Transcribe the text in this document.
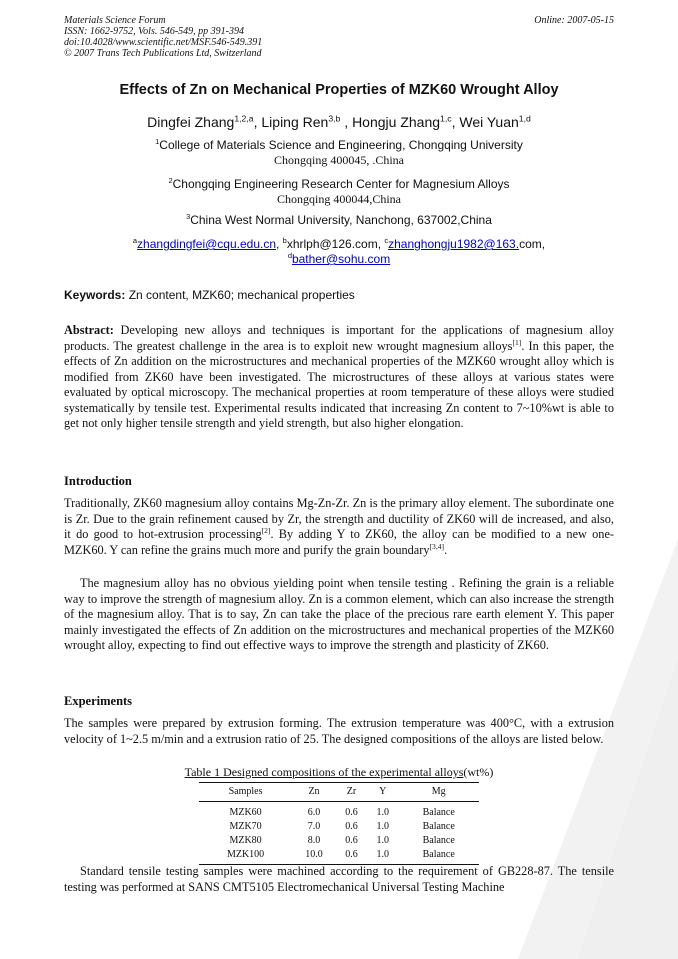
Materials Science Forum
ISSN: 1662-9752, Vols. 546-549, pp 391-394
doi:10.4028/www.scientific.net/MSF.546-549.391
© 2007 Trans Tech Publications Ltd, Switzerland
Online: 2007-05-15
Effects of Zn on Mechanical Properties of MZK60 Wrought Alloy
Dingfei Zhang$^{1,2,a}$, Liping Ren$^{3,b}$ , Hongju Zhang$^{1,c}$, Wei Yuan$^{1,d}$
$^1$College of Materials Science and Engineering, Chongqing University
Chongqing 400045, .China
$^2$Chongqing Engineering Research Center for Magnesium Alloys
Chongqing 400044,China
$^3$China West Normal University, Nanchong, 637002,China
$^a$zhangdingfei@cqu.edu.cn, $^b$xhrlph@126.com, $^c$zhanghongju1982@163.com,
$^d$bather@sohu.com
Keywords: Zn content, MZK60; mechanical properties
Abstract: Developing new alloys and techniques is important for the applications of magnesium alloy products. The greatest challenge in the area is to exploit new wrought magnesium alloys[1]. In this paper, the effects of Zn addition on the microstructures and mechanical properties of the MZK60 wrought alloy which is modified from ZK60 have been investigated. The microstructures of these alloys at various states were evaluated by optical microscopy. The mechanical properties at room temperature of these alloys were studied systematically by tensile test. Experimental results indicated that increasing Zn content to 7~10%wt is able to get not only higher tensile strength and yield strength, but also higher elongation.
Introduction
Traditionally, ZK60 magnesium alloy contains Mg-Zn-Zr. Zn is the primary alloy element. The subordinate one is Zr. Due to the grain refinement caused by Zr, the strength and ductility of ZK60 will de increased, and also, it do good to hot-extrusion processing[2]. By adding Y to ZK60, the alloy can be modified to a new one-MZK60. Y can refine the grains much more and purify the grain boundary[3,4].
The magnesium alloy has no obvious yielding point when tensile testing . Refining the grain is a reliable way to improve the strength of magnesium alloy. Zn is a common element, which can also increase the strength of the magnesium alloy. That is to say, Zn can take the place of the precious rare earth element Y. This paper mainly investigated the effects of Zn addition on the microstructures and mechanical properties of the MZK60 wrought alloy, expecting to find out effective ways to improve the strength and plasticity of ZK60.
Experiments
The samples were prepared by extrusion forming. The extrusion temperature was 400°C, with a extrusion velocity of 1~2.5 m/min and a extrusion ratio of 25. The designed compositions of the alloys are listed below.
Table 1 Designed compositions of the experimental alloys(wt%)
Samples	Zn	Zr	Y	Mg
MZK60	6.0	0.6	1.0	Balance
MZK70	7.0	0.6	1.0	Balance
MZK80	8.0	0.6	1.0	Balance
MZK100	10.0	0.6	1.0	Balance
Standard tensile testing samples were machined according to the requirement of GB228-87. The tensile testing was performed at SANS CMT5105 Electromechanical Universal Testing Machine
